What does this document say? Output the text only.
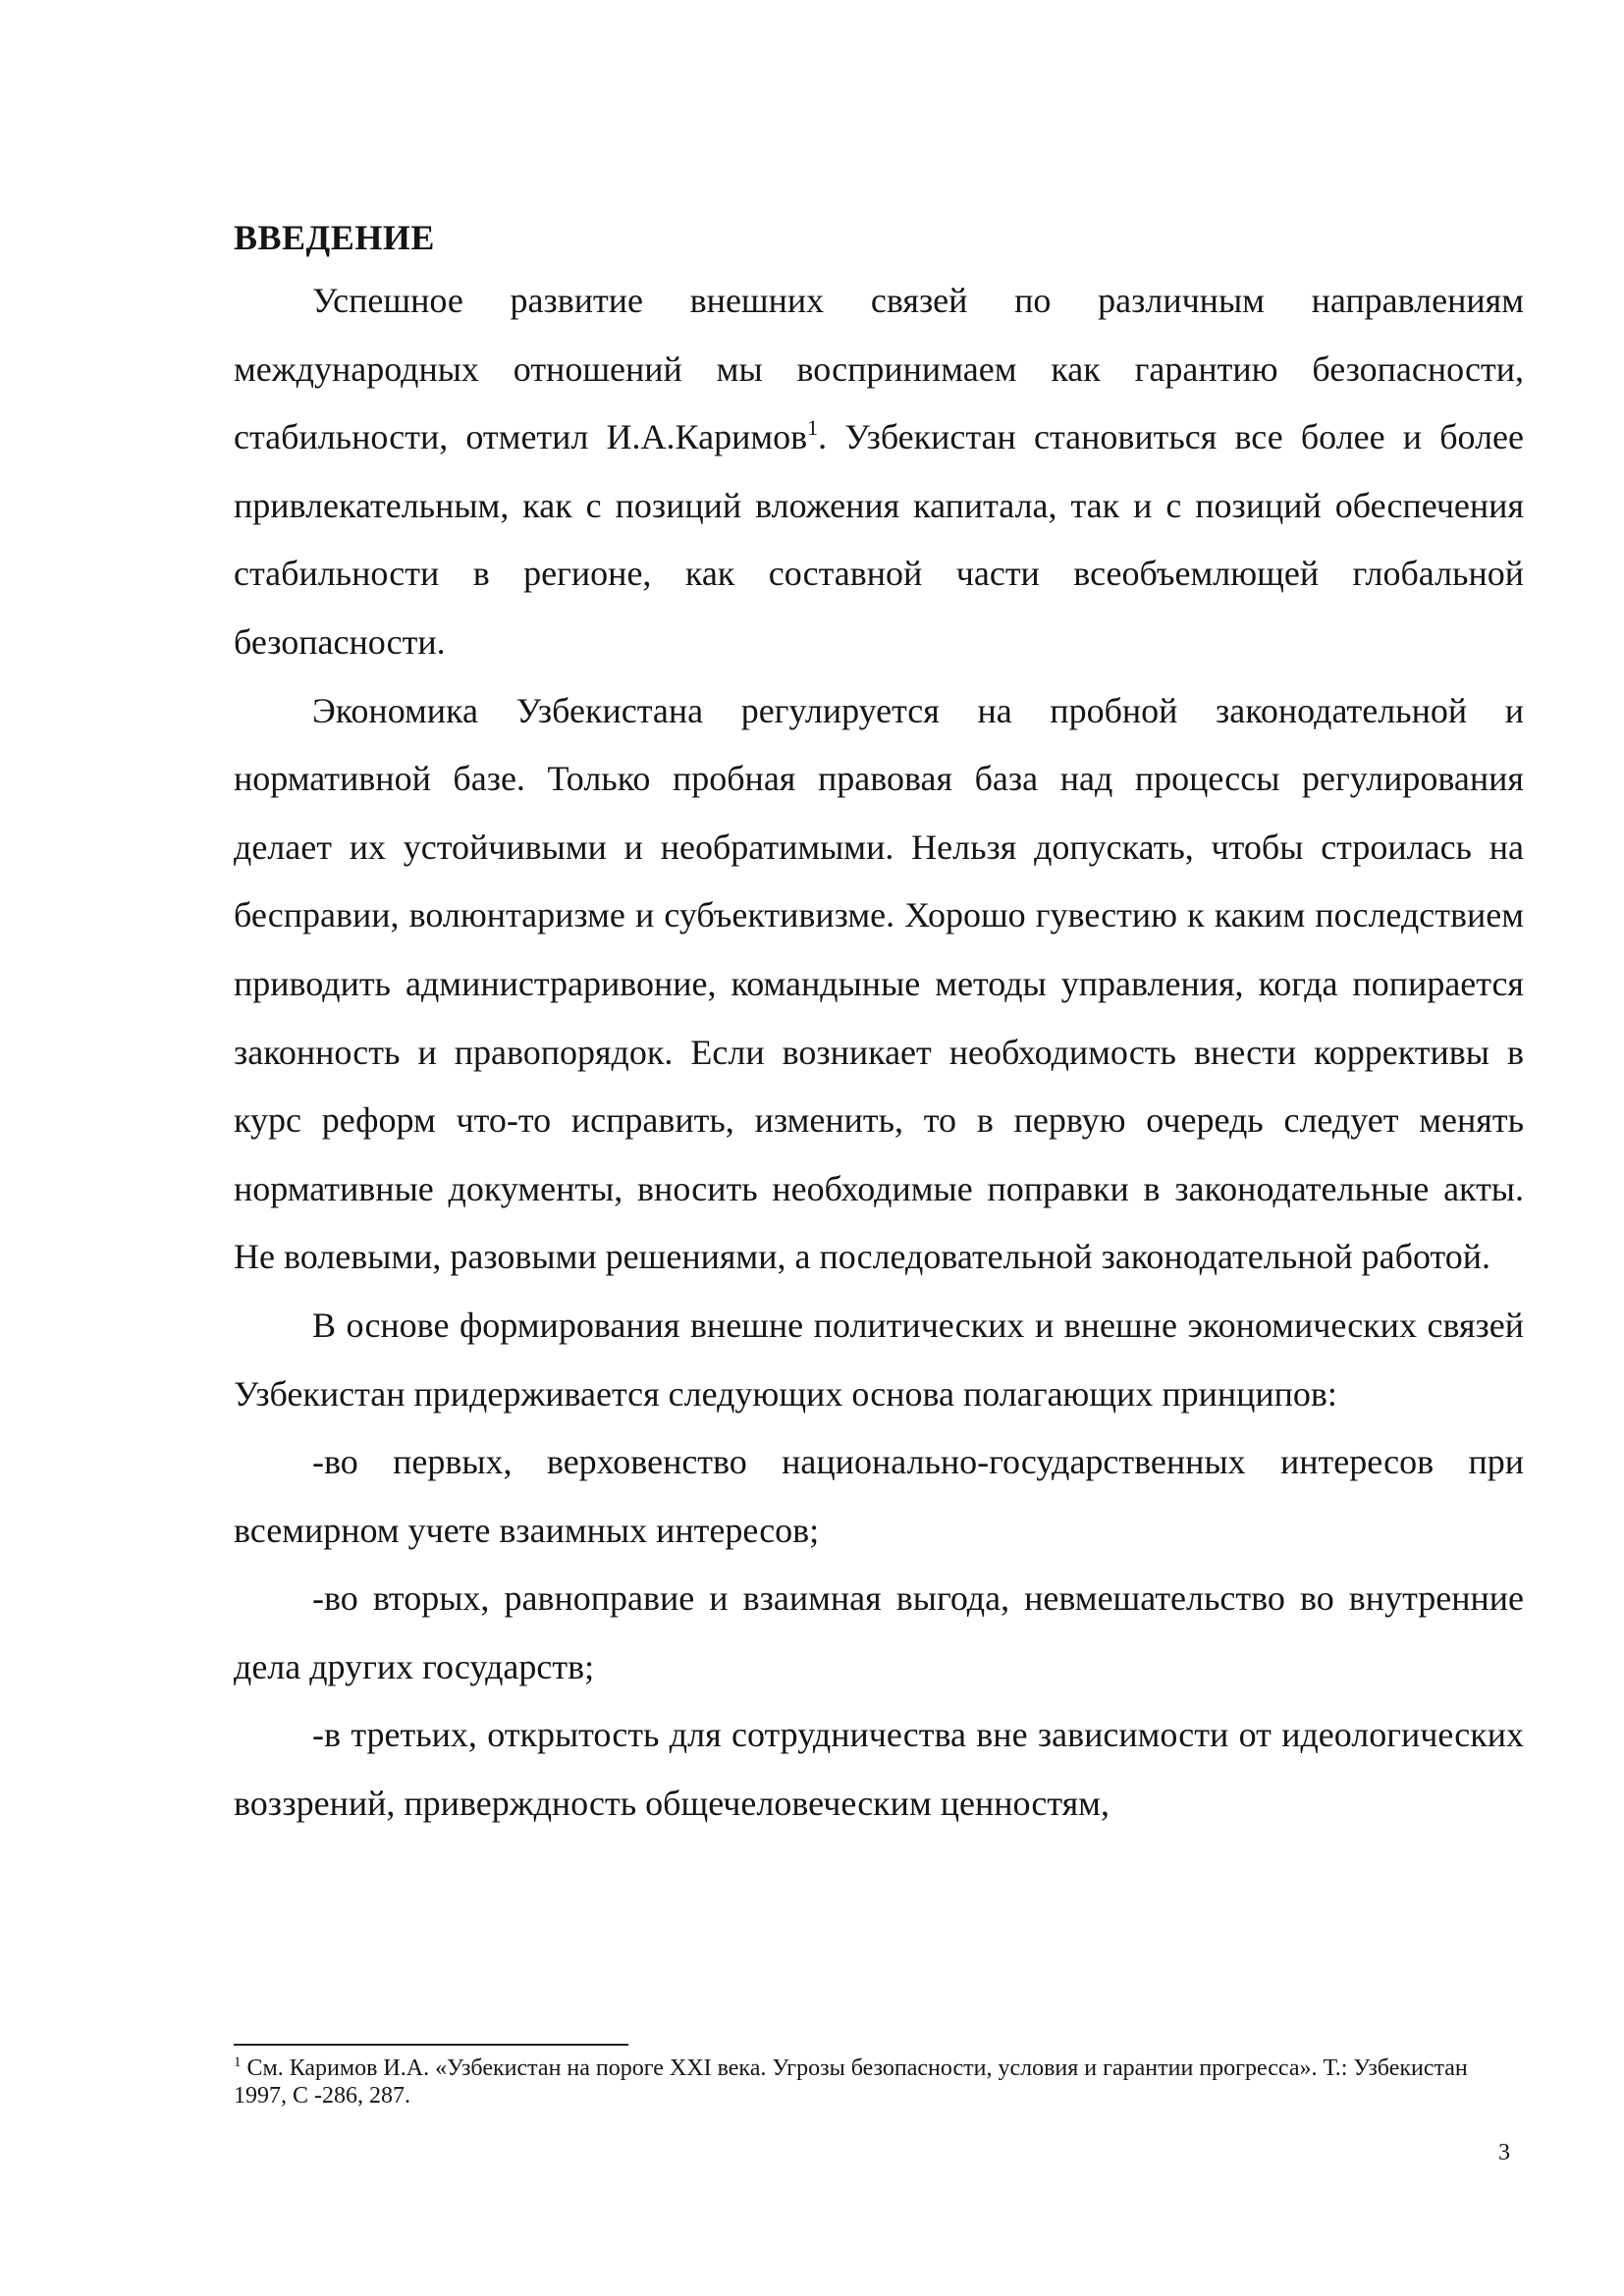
ВВЕДЕНИЕ

Успешное развитие внешних связей по различным направлениям международных отношений мы воспринимаем как гарантию безопасности, стабильности, отметил И.А.Каримов$^1$. Узбекистан становиться все более и более привлекательным, как с позиций вложения капитала, так и с позиций обеспечения стабильности в регионе, как составной части всеобъемлющей глобальной безопасности.

Экономика Узбекистана регулируется на пробной законодательной и нормативной базе. Только пробная правовая база над процессы регулирования делает их устойчивыми и необратимыми. Нельзя допускать, чтобы строилась на бесправии, волюнтаризме и субъективизме. Хорошо гувестию к каким последствием приводить администраривоние, командыные методы управления, когда попирается законность и правопорядок. Если возникает необходимость внести коррективы в курс реформ что-то исправить, изменить, то в первую очередь следует менять нормативные документы, вносить необходимые поправки в законодательные акты. Не волевыми, разовыми решениями, а последовательной законодательной работой.

В основе формирования внешне политических и внешне экономических связей Узбекистан придерживается следующих основа полагающих принципов:

-во первых, верховенство национально-государственных интересов при всемирном учете взаимных интересов;

-во вторых, равноправие и взаимная выгода, невмешательство во внутренние дела других государств;

-в третьих, открытость для сотрудничества вне зависимости от идеологических воззрений, приверждность общечеловеческим ценностям,

$^1$ См. Каримов И.А. «Узбекистан на пороге XXI века. Угрозы безопасности, условия и гарантии прогресса». Т.: Узбекистан 1997, С -286, 287.

3
